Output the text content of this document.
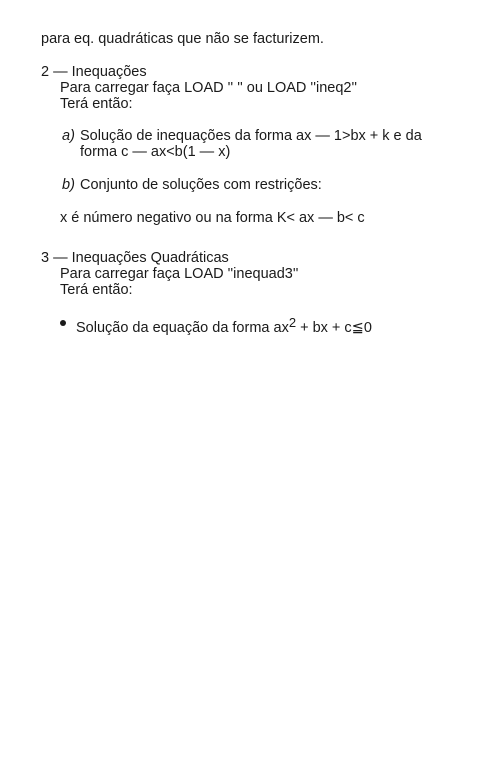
para eq. quadráticas que não se facturizem.
2 — Inequações
Para carregar faça LOAD '' '' ou LOAD ''ineq2''
Terá então:
a) Solução de inequações da forma ax — 1>bx + k e da
forma c — ax<b(1 — x)
b) Conjunto de soluções com restrições:
x é número negativo ou na forma K< ax — b< c
3 — Inequações Quadráticas
Para carregar faça LOAD ''inequad3''
Terá então:
Solução da equação da forma ax2 + bx + c≦0
